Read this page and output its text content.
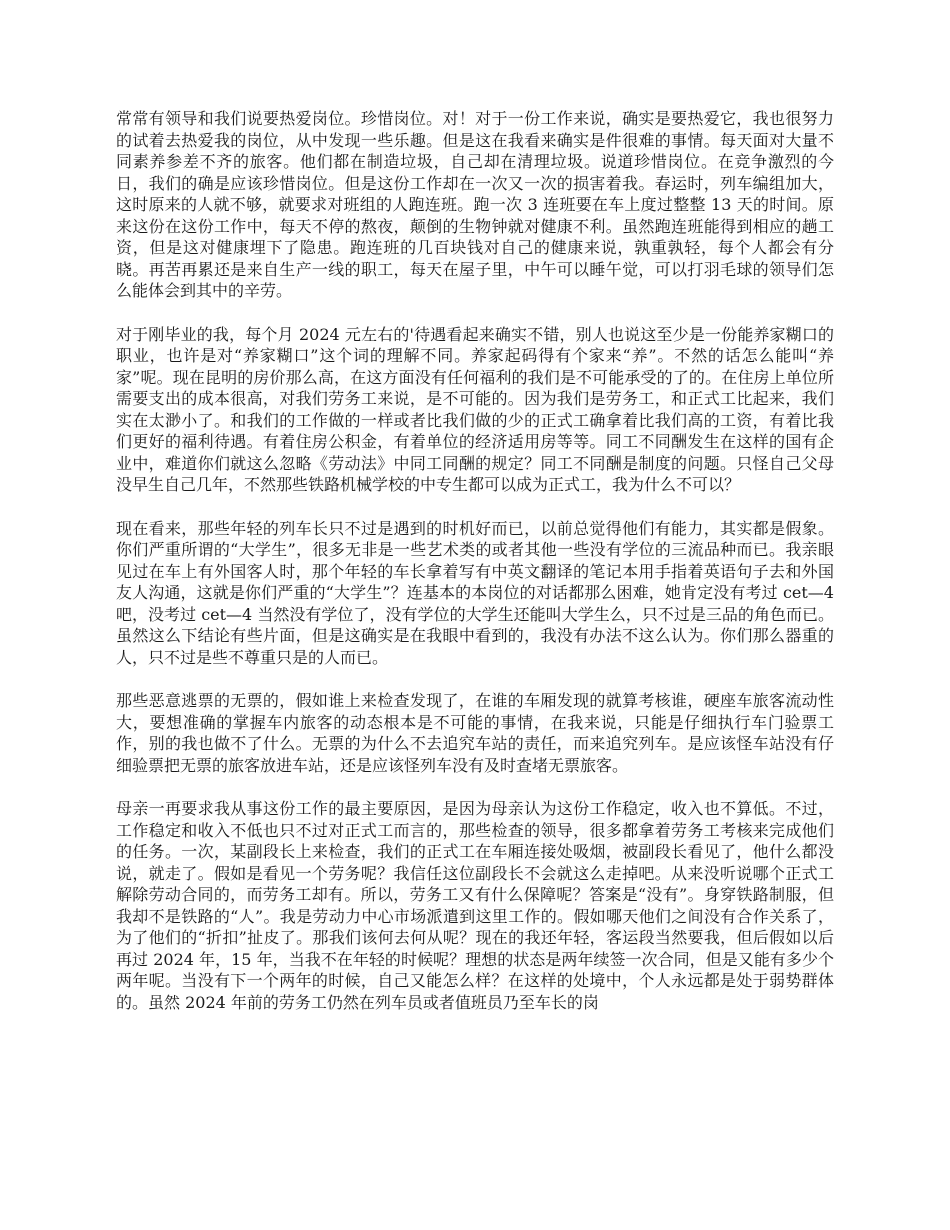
常常有领导和我们说要热爱岗位。珍惜岗位。对！对于一份工作来说，确实是要热爱它，我也很努力的试着去热爱我的岗位，从中发现一些乐趣。但是这在我看来确实是件很难的事情。每天面对大量不同素养参差不齐的旅客。他们都在制造垃圾，自己却在清理垃圾。说道珍惜岗位。在竞争激烈的今日，我们的确是应该珍惜岗位。但是这份工作却在一次又一次的损害着我。春运时，列车编组加大，这时原来的人就不够，就要求对班组的人跑连班。跑一次 3 连班要在车上度过整整 13 天的时间。原来这份在这份工作中，每天不停的熬夜，颠倒的生物钟就对健康不利。虽然跑连班能得到相应的趟工资，但是这对健康埋下了隐患。跑连班的几百块钱对自己的健康来说，孰重孰轻，每个人都会有分晓。再苦再累还是来自生产一线的职工，每天在屋子里，中午可以睡午觉，可以打羽毛球的领导们怎么能体会到其中的辛劳。

对于刚毕业的我，每个月 2024 元左右的'待遇看起来确实不错，别人也说这至少是一份能养家糊口的职业，也许是对“养家糊口”这个词的理解不同。养家起码得有个家来“养”。不然的话怎么能叫“养家”呢。现在昆明的房价那么高，在这方面没有任何福利的我们是不可能承受的了的。在住房上单位所需要支出的成本很高，对我们劳务工来说，是不可能的。因为我们是劳务工，和正式工比起来，我们实在太渺小了。和我们的工作做的一样或者比我们做的少的正式工确拿着比我们高的工资，有着比我们更好的福利待遇。有着住房公积金，有着单位的经济适用房等等。同工不同酬发生在这样的国有企业中，难道你们就这么忽略《劳动法》中同工同酬的规定？同工不同酬是制度的问题。只怪自己父母没早生自己几年，不然那些铁路机械学校的中专生都可以成为正式工，我为什么不可以？

现在看来，那些年轻的列车长只不过是遇到的时机好而已，以前总觉得他们有能力，其实都是假象。你们严重所谓的“大学生”，很多无非是一些艺术类的或者其他一些没有学位的三流品种而已。我亲眼见过在车上有外国客人时，那个年轻的车长拿着写有中英文翻译的笔记本用手指着英语句子去和外国友人沟通，这就是你们严重的“大学生”？连基本的本岗位的对话都那么困难，她肯定没有考过 cet—4 吧，没考过 cet—4 当然没有学位了，没有学位的大学生还能叫大学生么，只不过是三品的角色而已。虽然这么下结论有些片面，但是这确实是在我眼中看到的，我没有办法不这么认为。你们那么器重的人，只不过是些不尊重只是的人而已。

那些恶意逃票的无票的，假如谁上来检查发现了，在谁的车厢发现的就算考核谁，硬座车旅客流动性大，要想准确的掌握车内旅客的动态根本是不可能的事情，在我来说，只能是仔细执行车门验票工作，别的我也做不了什么。无票的为什么不去追究车站的责任，而来追究列车。是应该怪车站没有仔细验票把无票的旅客放进车站，还是应该怪列车没有及时查堵无票旅客。

母亲一再要求我从事这份工作的最主要原因，是因为母亲认为这份工作稳定，收入也不算低。不过，工作稳定和收入不低也只不过对正式工而言的，那些检查的领导，很多都拿着劳务工考核来完成他们的任务。一次，某副段长上来检查，我们的正式工在车厢连接处吸烟，被副段长看见了，他什么都没说，就走了。假如是看见一个劳务呢？我信任这位副段长不会就这么走掉吧。从来没听说哪个正式工解除劳动合同的，而劳务工却有。所以，劳务工又有什么保障呢？答案是“没有”。身穿铁路制服，但我却不是铁路的“人”。我是劳动力中心市场派遣到这里工作的。假如哪天他们之间没有合作关系了，为了他们的“折扣”扯皮了。那我们该何去何从呢？现在的我还年轻，客运段当然要我，但后假如以后再过 2024 年，15 年，当我不在年轻的时候呢？理想的状态是两年续签一次合同，但是又能有多少个两年呢。当没有下一个两年的时候，自己又能怎么样？在这样的处境中，个人永远都是处于弱势群体的。虽然 2024 年前的劳务工仍然在列车员或者值班员乃至车长的岗
